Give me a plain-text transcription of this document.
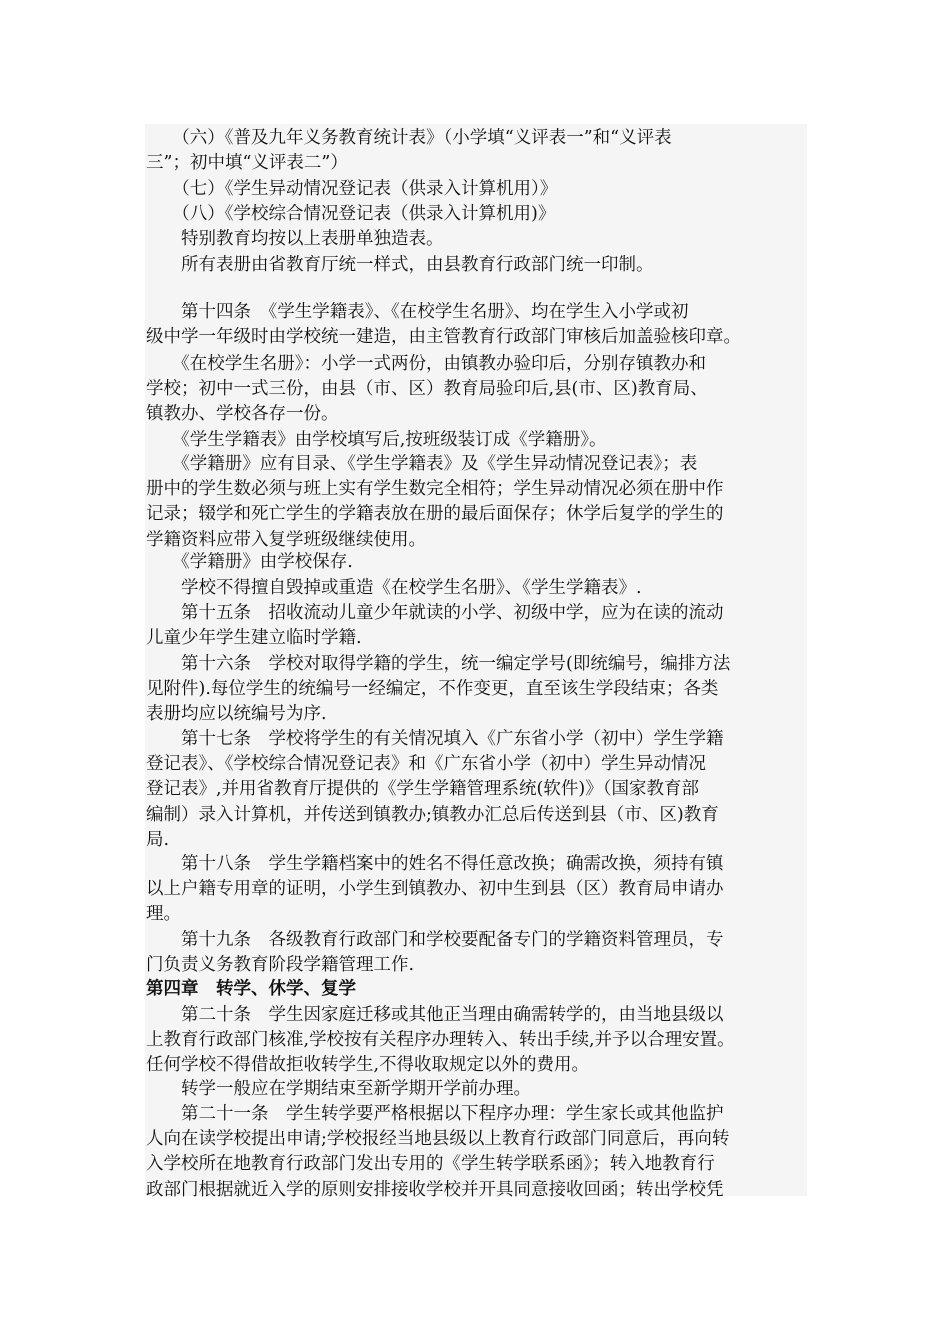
　　（六）《普及九年义务教育统计表》（小学填“义评表一”和“义评表
三”；初中填“义评表二”）
　　（七）《学生异动情况登记表（供录入计算机用）》
　　（八）《学校综合情况登记表（供录入计算机用)》
　　特别教育均按以上表册单独造表。
　　所有表册由省教育厅统一样式，由县教育行政部门统一印制。
　　第十四条　《学生学籍表》、《在校学生名册》、均在学生入小学或初
级中学一年级时由学校统一建造，由主管教育行政部门审核后加盖验核印章。
　　《在校学生名册》：小学一式两份，由镇教办验印后，分别存镇教办和
学校；初中一式三份，由县（市、区）教育局验印后,县(市、区)教育局、
镇教办、学校各存一份。
　　《学生学籍表》由学校填写后,按班级装订成《学籍册》。
　　《学籍册》应有目录、《学生学籍表》及《学生异动情况登记表》；表
册中的学生数必须与班上实有学生数完全相符；学生异动情况必须在册中作
记录；辍学和死亡学生的学籍表放在册的最后面保存；休学后复学的学生的
学籍资料应带入复学班级继续使用。
　　《学籍册》由学校保存.
　　学校不得擅自毁掉或重造《在校学生名册》、《学生学籍表》.
　　第十五条　招收流动儿童少年就读的小学、初级中学，应为在读的流动
儿童少年学生建立临时学籍.
　　第十六条　学校对取得学籍的学生，统一编定学号(即统编号，编排方法
见附件).每位学生的统编号一经编定，不作变更，直至该生学段结束；各类
表册均应以统编号为序.
　　第十七条　学校将学生的有关情况填入《广东省小学（初中）学生学籍
登记表》、《学校综合情况登记表》和《广东省小学（初中）学生异动情况
登记表》,并用省教育厅提供的《学生学籍管理系统(软件)》（国家教育部
编制）录入计算机，并传送到镇教办;镇教办汇总后传送到县（市、区)教育
局.
　　第十八条　学生学籍档案中的姓名不得任意改换；确需改换，须持有镇
以上户籍专用章的证明，小学生到镇教办、初中生到县（区）教育局申请办
理。
　　第十九条　各级教育行政部门和学校要配备专门的学籍资料管理员，专
门负责义务教育阶段学籍管理工作.
第四章　转学、休学、复学
　　第二十条　学生因家庭迁移或其他正当理由确需转学的，由当地县级以
上教育行政部门核准,学校按有关程序办理转入、转出手续,并予以合理安置。
任何学校不得借故拒收转学生,不得收取规定以外的费用。
　　转学一般应在学期结束至新学期开学前办理。
　　第二十一条　学生转学要严格根据以下程序办理：学生家长或其他监护
人向在读学校提出申请;学校报经当地县级以上教育行政部门同意后，再向转
入学校所在地教育行政部门发出专用的《学生转学联系函》；转入地教育行
政部门根据就近入学的原则安排接收学校并开具同意接收回函；转出学校凭
